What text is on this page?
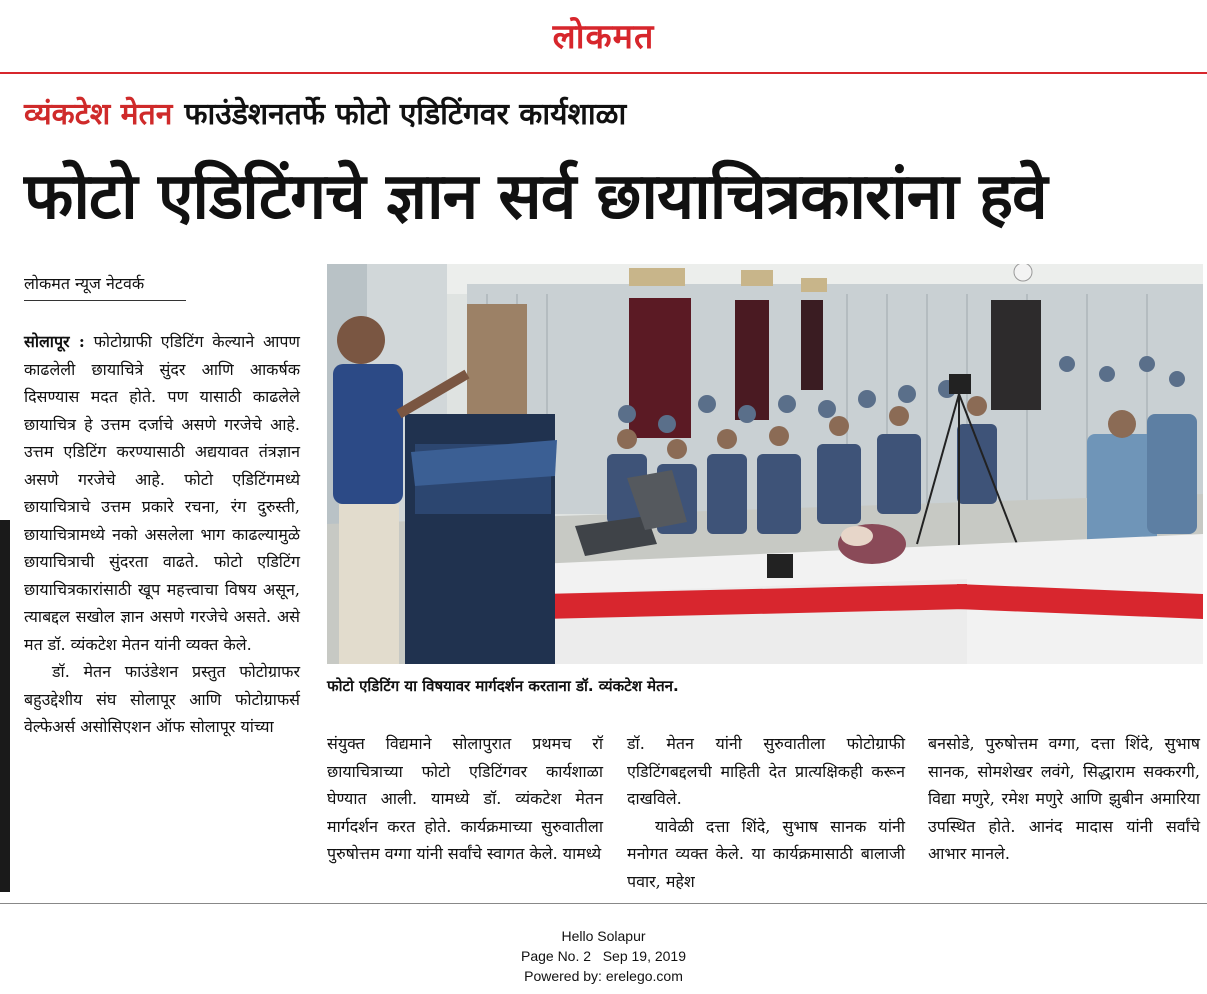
लोकमत
व्यंकटेश मेतन फाउंडेशनतर्फे फोटो एडिटिंगवर कार्यशाळा
फोटो एडिटिंगचे ज्ञान सर्व छायाचित्रकारांना हवे
लोकमत न्यूज नेटवर्क

सोलापूर : फोटोग्राफी एडिटिंग केल्याने आपण काढलेली छायाचित्रे सुंदर आणि आकर्षक दिसण्यास मदत होते. पण यासाठी काढलेले छायाचित्र हे उत्तम दर्जाचे असणे गरजेचे आहे. उत्तम एडिटिंग करण्यासाठी अद्ययावत तंत्रज्ञान असणे गरजेचे आहे. फोटो एडिटिंगमध्ये छायाचित्राचे उत्तम प्रकारे रचना, रंग दुरुस्ती, छायाचित्रामध्ये नको असलेला भाग काढल्यामुळे छायाचित्राची सुंदरता वाढते. फोटो एडिटिंग छायाचित्रकारांसाठी खूप महत्त्वाचा विषय असून, त्याबद्दल सखोल ज्ञान असणे गरजेचे असते. असे मत डॉ. व्यंकटेश मेतन यांनी व्यक्त केले.

डॉ. मेतन फाउंडेशन प्रस्तुत फोटोग्राफर बहुउद्देशीय संघ सोलापूर आणि फोटोग्राफर्स वेल्फेअर्स असोसिएशन ऑफ सोलापूर यांच्या

फोटो एडिटिंग या विषयावर मार्गदर्शन करताना डॉ. व्यंकटेश मेतन.

संयुक्त विद्यमाने सोलापुरात प्रथमच रॉ छायाचित्राच्या फोटो एडिटिंगवर कार्यशाळा घेण्यात आली. यामध्ये डॉ. व्यंकटेश मेतन मार्गदर्शन करत होते. कार्यक्रमाच्या सुरुवातीला पुरुषोत्तम वग्गा यांनी सर्वांचे स्वागत केले. यामध्ये

डॉ. मेतन यांनी सुरुवातीला फोटोग्राफी एडिटिंगबद्दलची माहिती देत प्रात्यक्षिकही करून दाखविले.

यावेळी दत्ता शिंदे, सुभाष सानक यांनी मनोगत व्यक्त केले. या कार्यक्रमासाठी बालाजी पवार, महेश

बनसोडे, पुरुषोत्तम वग्गा, दत्ता शिंदे, सुभाष सानक, सोमशेखर लवंगे, सिद्धाराम सक्करगी, विद्या मणुरे, रमेश मणुरे आणि झुबीन अमारिया उपस्थित होते. आनंद मादास यांनी सर्वांचे आभार मानले.

Hello Solapur
Page No. 2   Sep 19, 2019
Powered by: erelego.com
